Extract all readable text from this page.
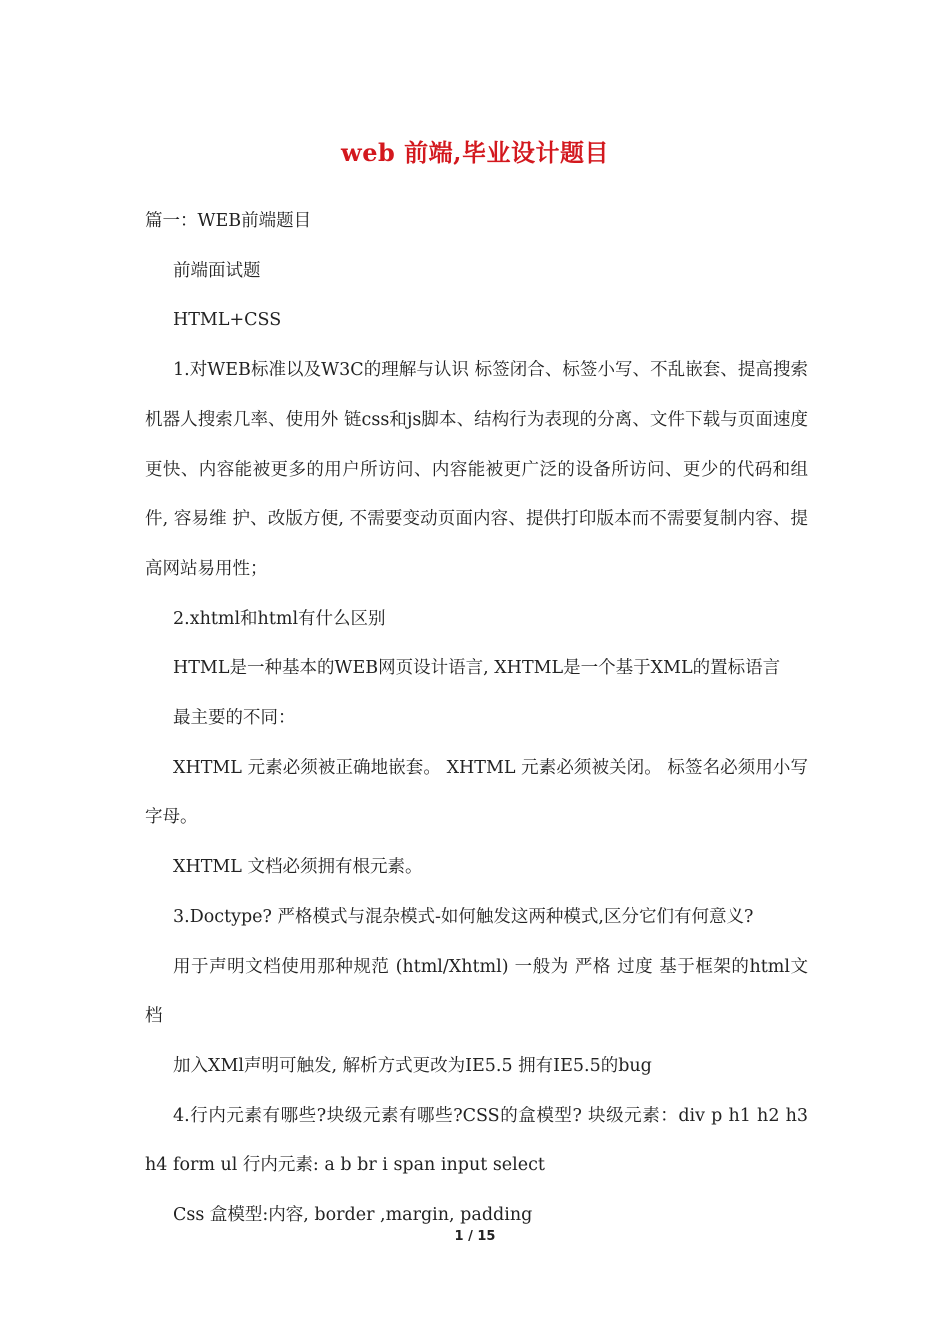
web 前端,毕业设计题目

篇一：WEB前端题目

前端面试题

HTML+CSS

1.对WEB标准以及W3C的理解与认识 标签闭合、标签小写、不乱嵌套、提高搜索机器人搜索几率、使用外 链css和js脚本、结构行为表现的分离、文件下载与页面速度更快、内容能被更多的用户所访问、内容能被更广泛的设备所访问、更少的代码和组件, 容易维 护、改版方便, 不需要变动页面内容、提供打印版本而不需要复制内容、提高网站易用性；

2.xhtml和html有什么区别

HTML是一种基本的WEB网页设计语言, XHTML是一个基于XML的置标语言

最主要的不同：

XHTML 元素必须被正确地嵌套。 XHTML 元素必须被关闭。 标签名必须用小写字母。

XHTML 文档必须拥有根元素。

3.Doctype? 严格模式与混杂模式-如何触发这两种模式,区分它们有何意义?

用于声明文档使用那种规范 (html/Xhtml) 一般为 严格 过度 基于框架的html文档

加入XMl声明可触发, 解析方式更改为IE5.5 拥有IE5.5的bug

4.行内元素有哪些?块级元素有哪些?CSS的盒模型? 块级元素：div p h1 h2 h3 h4 form ul 行内元素: a b br i span input select

Css 盒模型:内容, border ,margin, padding

1 / 15
